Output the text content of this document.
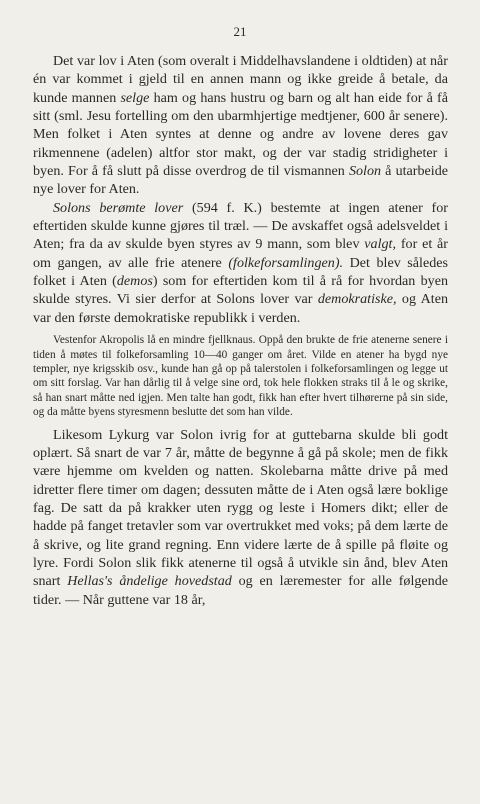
21

Det var lov i Aten (som overalt i Middelhavslandene i oldtiden) at når én var kommet i gjeld til en annen mann og ikke greide å betale, da kunde mannen selge ham og hans hustru og barn og alt han eide for å få sitt (sml. Jesu fortelling om den ubarmhjertige medtjener, 600 år senere). Men folket i Aten syntes at denne og andre av lovene deres gav rikmennene (adelen) altfor stor makt, og der var stadig stridigheter i byen. For å få slutt på disse overdrog de til vismannen Solon å utarbeide nye lover for Aten.

Solons berømte lover (594 f. K.) bestemte at ingen atener for eftertiden skulde kunne gjøres til træl. — De avskaffet også adelsveldet i Aten; fra da av skulde byen styres av 9 mann, som blev valgt, for et år om gangen, av alle frie atenere (folkeforsamlingen). Det blev således folket i Aten (demos) som for eftertiden kom til å rå for hvordan byen skulde styres. Vi sier derfor at Solons lover var demokratiske, og Aten var den første demokratiske republikk i verden.

Vestenfor Akropolis lå en mindre fjellknaus. Oppå den brukte de frie atenerne senere i tiden å møtes til folkeforsamling 10—40 ganger om året. Vilde en atener ha bygd nye templer, nye krigsskib osv., kunde han gå op på talerstolen i folkeforsamlingen og legge ut om sitt forslag. Var han dårlig til å velge sine ord, tok hele flokken straks til å le og skrike, så han snart måtte ned igjen. Men talte han godt, fikk han efter hvert tilhørerne på sin side, og da måtte byens styresmenn beslutte det som han vilde.

Likesom Lykurg var Solon ivrig for at guttebarna skulde bli godt oplært. Så snart de var 7 år, måtte de begynne å gå på skole; men de fikk være hjemme om kvelden og natten. Skolebarna måtte drive på med idretter flere timer om dagen; dessuten måtte de i Aten også lære boklige fag. De satt da på krakker uten rygg og leste i Homers dikt; eller de hadde på fanget tretavler som var overtrukket med voks; på dem lærte de å skrive, og lite grand regning. Enn videre lærte de å spille på fløite og lyre. Fordi Solon slik fikk atenerne til også å utvikle sin ånd, blev Aten snart Hellas's åndelige hovedstad og en læremester for alle følgende tider. — Når guttene var 18 år,
